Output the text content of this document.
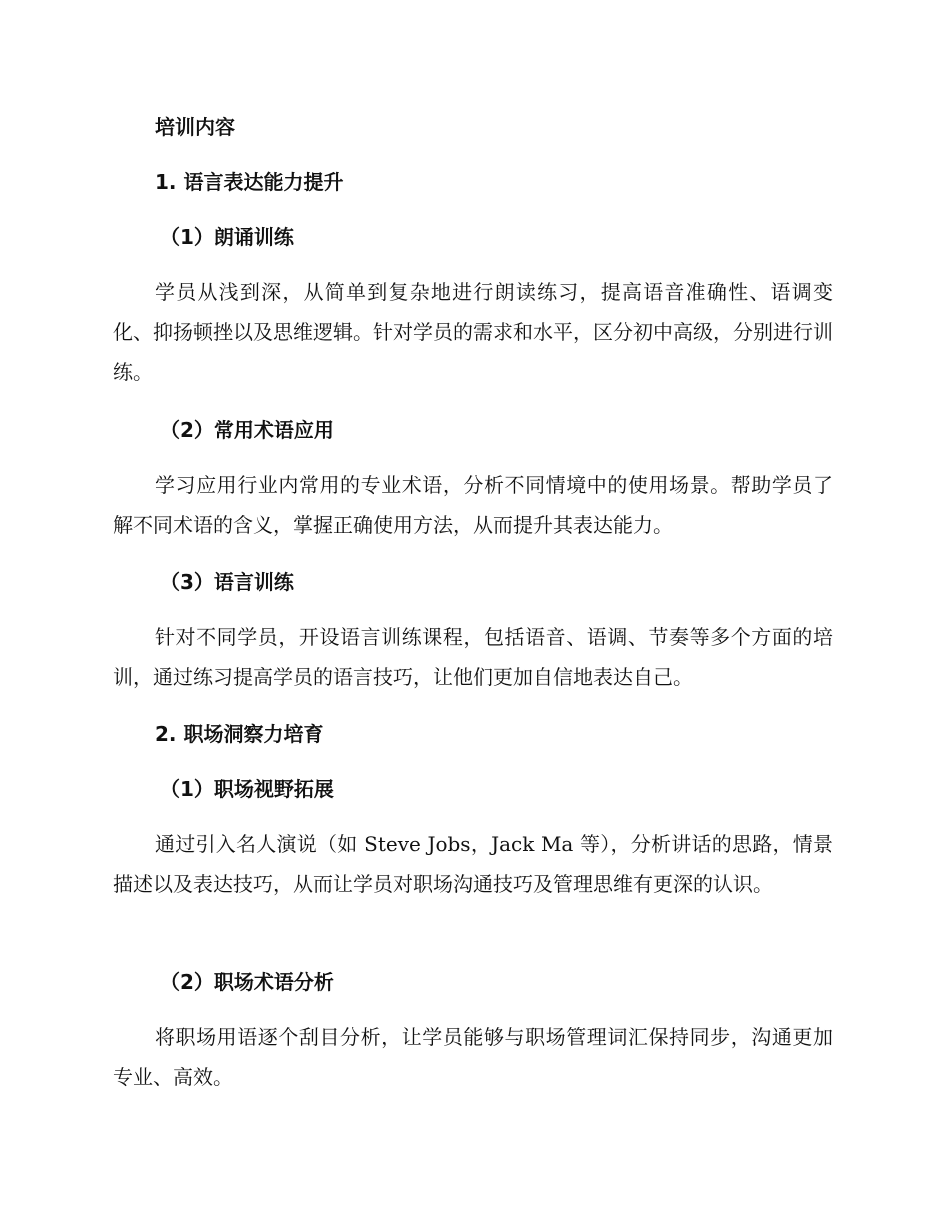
培训内容
1. 语言表达能力提升
（1）朗诵训练

学员从浅到深，从简单到复杂地进行朗读练习，提高语音准确性、语调变化、抑扬顿挫以及思维逻辑。针对学员的需求和水平，区分初中高级，分别进行训练。

（2）常用术语应用

学习应用行业内常用的专业术语，分析不同情境中的使用场景。帮助学员了解不同术语的含义，掌握正确使用方法，从而提升其表达能力。

（3）语言训练

针对不同学员，开设语言训练课程，包括语音、语调、节奏等多个方面的培训，通过练习提高学员的语言技巧，让他们更加自信地表达自己。

2. 职场洞察力培育
（1）职场视野拓展

通过引入名人演说（如 Steve Jobs，Jack Ma 等），分析讲话的思路，情景描述以及表达技巧，从而让学员对职场沟通技巧及管理思维有更深的认识。

（2）职场术语分析

将职场用语逐个刮目分析，让学员能够与职场管理词汇保持同步，沟通更加专业、高效。
